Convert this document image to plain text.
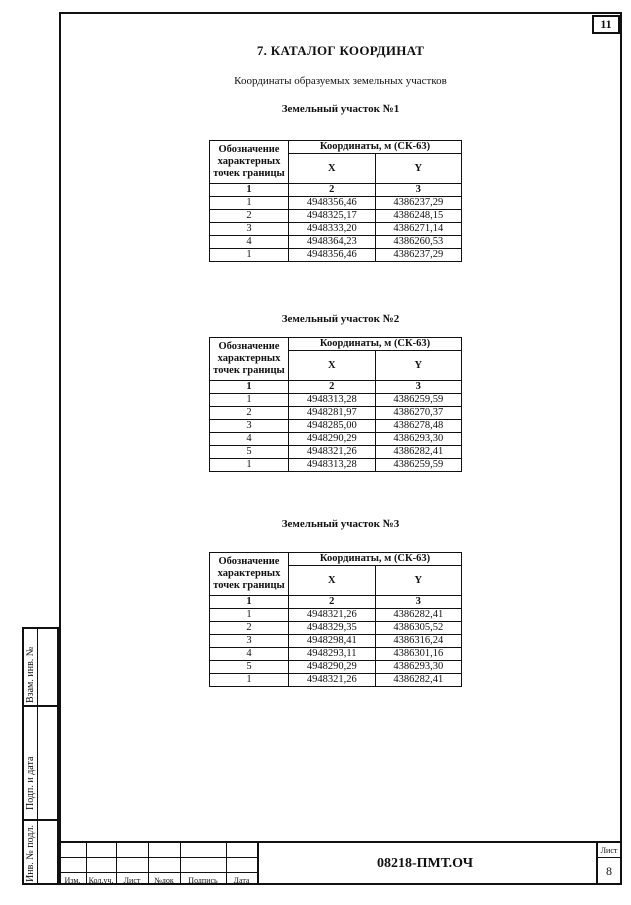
11
7. КАТАЛОГ КООРДИНАТ
Координаты образуемых земельных участков
Земельный участок №1
Обозначение характерных точек границы	Координаты, м (СК-63)	
	X	Y
1	2	3
1	4948356,46	4386237,29
2	4948325,17	4386248,15
3	4948333,20	4386271,14
4	4948364,23	4386260,53
1	4948356,46	4386237,29
Земельный участок №2
Обозначение характерных точек границы	Координаты, м (СК-63)	
	X	Y
1	2	3
1	4948313,28	4386259,59
2	4948281,97	4386270,37
3	4948285,00	4386278,48
4	4948290,29	4386293,30
5	4948321,26	4386282,41
1	4948313,28	4386259,59
Земельный участок №3
Обозначение характерных точек границы	Координаты, м (СК-63)	
	X	Y
1	2	3
1	4948321,26	4386282,41
2	4948329,35	4386305,52
3	4948298,41	4386316,24
4	4948293,11	4386301,16
5	4948290,29	4386293,30
1	4948321,26	4386282,41
Взам. инв. №
Подп. и дата
Инв. № подл.	Изм.	Кол.уч.	Лист	№док	Подпись	Дата
08218-ПМТ.ОЧ
Лист
8
